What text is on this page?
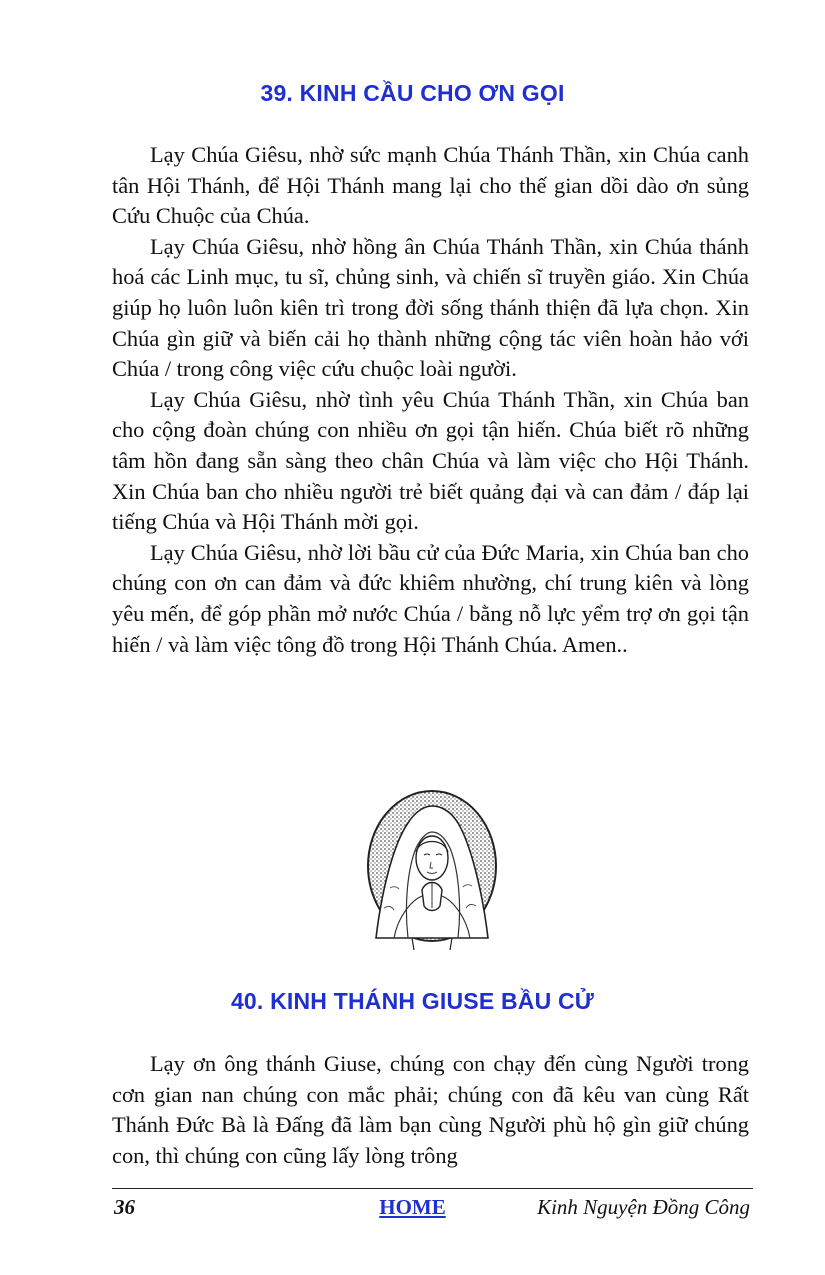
39. KINH CẦU CHO ƠN GỌI

Lạy Chúa Giêsu, nhờ sức mạnh Chúa Thánh Thần, xin Chúa canh tân Hội Thánh, để Hội Thánh mang lại cho thế gian dồi dào ơn sủng Cứu Chuộc của Chúa.

Lạy Chúa Giêsu, nhờ hồng ân Chúa Thánh Thần, xin Chúa thánh hoá các Linh mục, tu sĩ, chủng sinh, và chiến sĩ truyền giáo. Xin Chúa giúp họ luôn luôn kiên trì trong đời sống thánh thiện đã lựa chọn. Xin Chúa gìn giữ và biến cải họ thành những cộng tác viên hoàn hảo với Chúa / trong công việc cứu chuộc loài người.

Lạy Chúa Giêsu, nhờ tình yêu Chúa Thánh Thần, xin Chúa ban cho cộng đoàn chúng con nhiều ơn gọi tận hiến. Chúa biết rõ những tâm hồn đang sẵn sàng theo chân Chúa và làm việc cho Hội Thánh. Xin Chúa ban cho nhiều người trẻ biết quảng đại và can đảm / đáp lại tiếng Chúa và Hội Thánh mời gọi.

Lạy Chúa Giêsu, nhờ lời bầu cử của Đức Maria, xin Chúa ban cho chúng con ơn can đảm và đức khiêm nhường, chí trung kiên và lòng yêu mến, để góp phần mở nước Chúa / bằng nỗ lực yểm trợ ơn gọi tận hiến / và làm việc tông đồ trong Hội Thánh Chúa. Amen..

40. KINH THÁNH GIUSE BẦU CỬ

Lạy ơn ông thánh Giuse, chúng con chạy đến cùng Người trong cơn gian nan chúng con mắc phải; chúng con đã kêu van cùng Rất Thánh Đức Bà là Đấng đã làm bạn cùng Người phù hộ gìn giữ chúng con, thì chúng con cũng lấy lòng trông

36	HOME	Kinh Nguyện Đồng Công
